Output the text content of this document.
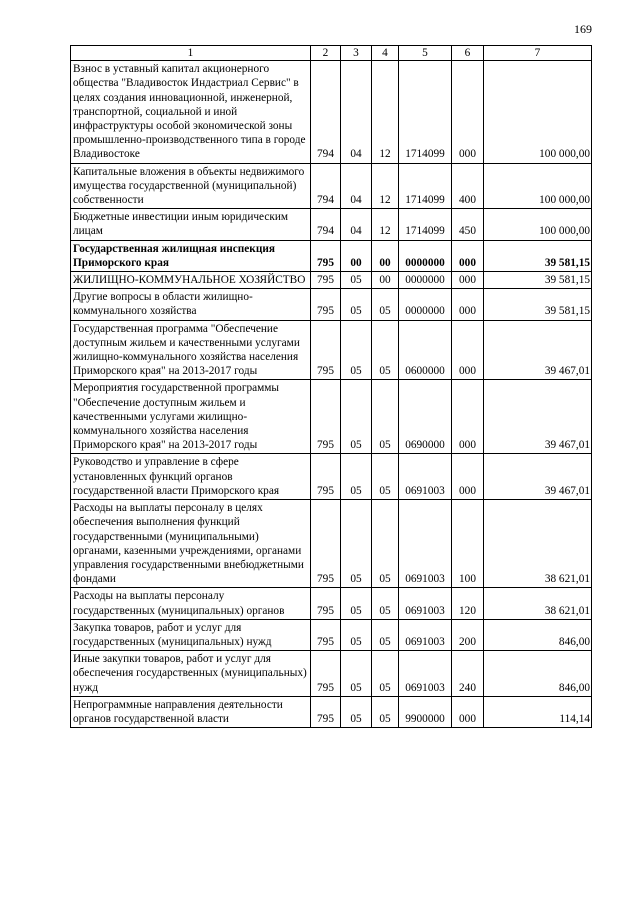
169
1	2	3	4	5	6	7
Взнос в уставный капитал акционерного общества "Владивосток Индастриал Сервис" в целях создания инновационной, инженерной, транспортной, социальной и иной инфраструктуры особой экономической зоны промышленно-производственного типа в городе Владивостоке	794	04	12	1714099	000	100 000,00
Капитальные вложения в объекты недвижимого имущества государственной (муниципальной) собственности	794	04	12	1714099	400	100 000,00
Бюджетные инвестиции иным юридическим лицам	794	04	12	1714099	450	100 000,00
Государственная жилищная инспекция Приморского края	795	00	00	0000000	000	39 581,15
ЖИЛИЩНО-КОММУНАЛЬНОЕ ХОЗЯЙСТВО	795	05	00	0000000	000	39 581,15
Другие вопросы в области жилищно-коммунального хозяйства	795	05	05	0000000	000	39 581,15
Государственная программа "Обеспечение доступным жильем и качественными услугами жилищно-коммунального хозяйства населения Приморского края" на 2013-2017 годы	795	05	05	0600000	000	39 467,01
Мероприятия государственной программы "Обеспечение доступным жильем и качественными услугами жилищно-коммунального хозяйства населения Приморского края" на 2013-2017 годы	795	05	05	0690000	000	39 467,01
Руководство и управление в сфере установленных функций органов государственной власти Приморского края	795	05	05	0691003	000	39 467,01
Расходы на выплаты персоналу в целях обеспечения выполнения функций государственными (муниципальными) органами, казенными учреждениями, органами управления государственными внебюджетными фондами	795	05	05	0691003	100	38 621,01
Расходы на выплаты персоналу государственных (муниципальных) органов	795	05	05	0691003	120	38 621,01
Закупка товаров, работ и услуг для государственных (муниципальных) нужд	795	05	05	0691003	200	846,00
Иные закупки товаров, работ и услуг для обеспечения государственных (муниципальных) нужд	795	05	05	0691003	240	846,00
Непрограммные направления деятельности органов государственной власти	795	05	05	9900000	000	114,14
